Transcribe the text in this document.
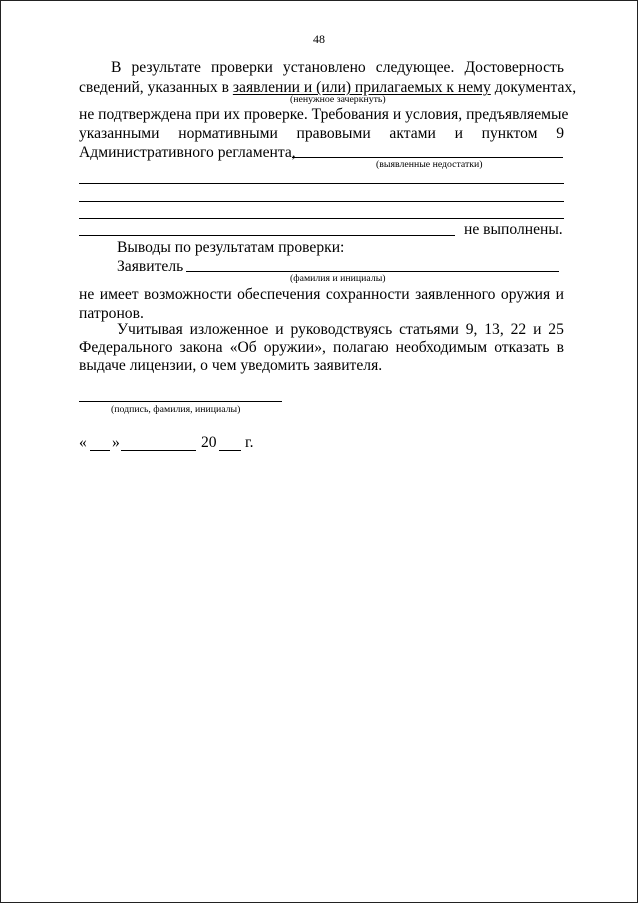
48
В результате проверки установлено следующее. Достоверность
сведений, указанных в заявлении и (или) прилагаемых к нему документах,
(ненужное зачеркнуть)
не подтверждена при их проверке. Требования и условия, предъявляемые
указанными нормативными правовыми актами и пунктом 9
Административного регламента,
(выявленные недостатки)
не выполнены.
Выводы по результатам проверки:
Заявитель
(фамилия и инициалы)
не имеет возможности обеспечения сохранности заявленного оружия и
патронов.
Учитывая изложенное и руководствуясь статьями 9, 13, 22 и 25
Федерального закона «Об оружии», полагаю необходимым отказать в
выдаче лицензии, о чем уведомить заявителя.
(подпись, фамилия, инициалы)
« »	20 г.
